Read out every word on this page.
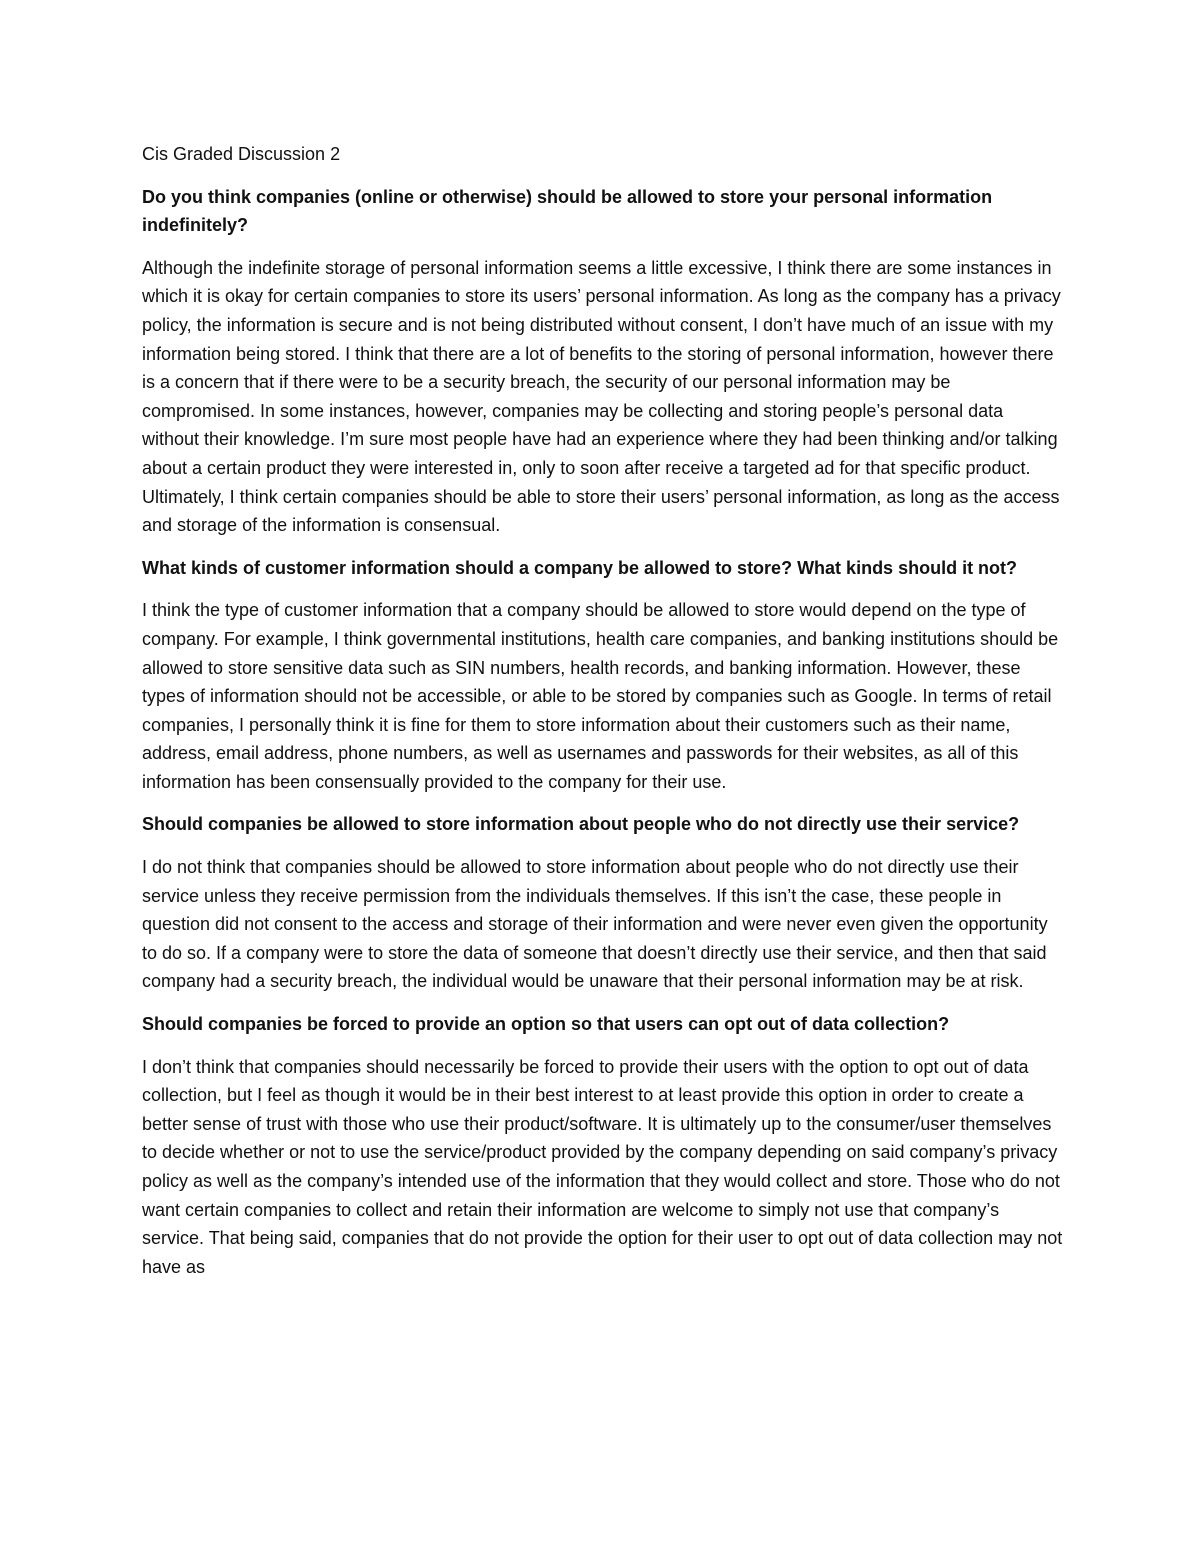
Cis Graded Discussion 2

Do you think companies (online or otherwise) should be allowed to store your personal information indefinitely?

Although the indefinite storage of personal information seems a little excessive, I think there are some instances in which it is okay for certain companies to store its users’ personal information. As long as the company has a privacy policy, the information is secure and is not being distributed without consent, I don’t have much of an issue with my information being stored. I think that there are a lot of benefits to the storing of personal information, however there is a concern that if there were to be a security breach, the security of our personal information may be compromised. In some instances, however, companies may be collecting and storing people’s personal data without their knowledge. I’m sure most people have had an experience where they had been thinking and/or talking about a certain product they were interested in, only to soon after receive a targeted ad for that specific product. Ultimately, I think certain companies should be able to store their users’ personal information, as long as the access and storage of the information is consensual.

What kinds of customer information should a company be allowed to store? What kinds should it not?

I think the type of customer information that a company should be allowed to store would depend on the type of company. For example, I think governmental institutions, health care companies, and banking institutions should be allowed to store sensitive data such as SIN numbers, health records, and banking information. However, these types of information should not be accessible, or able to be stored by companies such as Google. In terms of retail companies, I personally think it is fine for them to store information about their customers such as their name, address, email address, phone numbers, as well as usernames and passwords for their websites, as all of this information has been consensually provided to the company for their use.

Should companies be allowed to store information about people who do not directly use their service?

I do not think that companies should be allowed to store information about people who do not directly use their service unless they receive permission from the individuals themselves. If this isn’t the case, these people in question did not consent to the access and storage of their information and were never even given the opportunity to do so. If a company were to store the data of someone that doesn’t directly use their service, and then that said company had a security breach, the individual would be unaware that their personal information may be at risk.

Should companies be forced to provide an option so that users can opt out of data collection?

I don’t think that companies should necessarily be forced to provide their users with the option to opt out of data collection, but I feel as though it would be in their best interest to at least provide this option in order to create a better sense of trust with those who use their product/software. It is ultimately up to the consumer/user themselves to decide whether or not to use the service/product provided by the company depending on said company’s privacy policy as well as the company’s intended use of the information that they would collect and store. Those who do not want certain companies to collect and retain their information are welcome to simply not use that company’s service. That being said, companies that do not provide the option for their user to opt out of data collection may not have as
